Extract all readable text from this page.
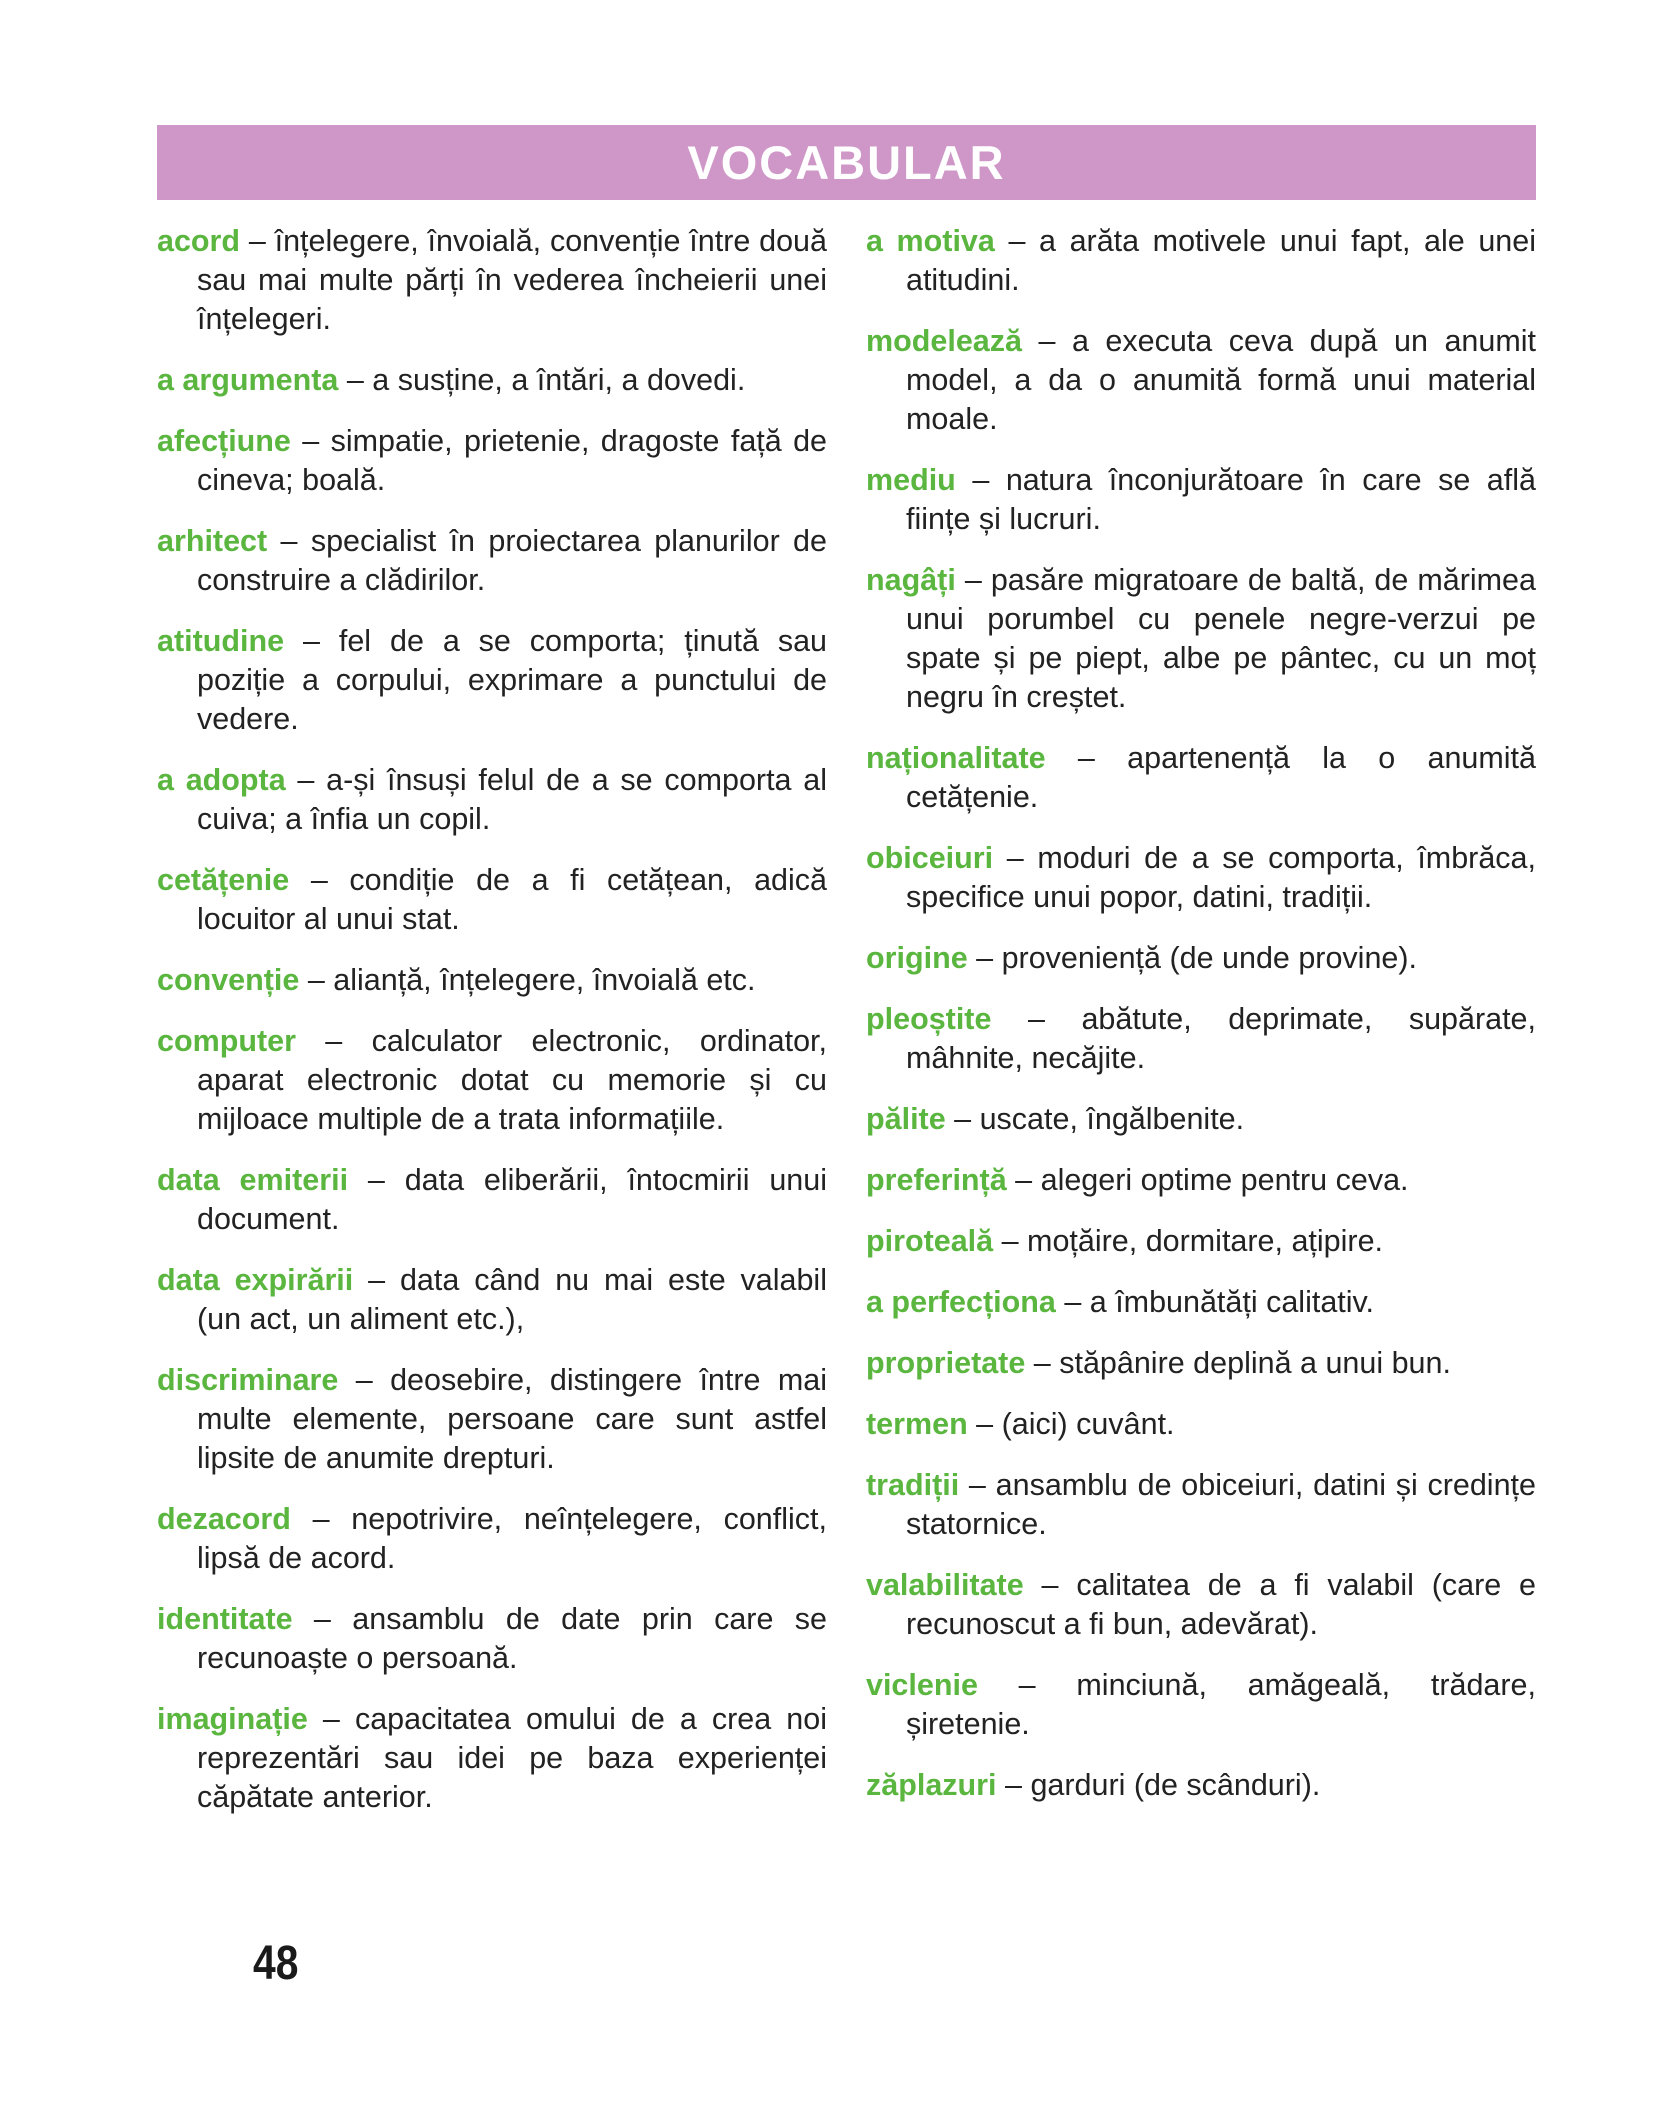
VOCABULAR

acord – înțelegere, învoială, convenție între două sau mai multe părți în vederea încheierii unei înțelegeri.

a argumenta – a susține, a întări, a dovedi.

afecțiune – simpatie, prietenie, dragoste față de cineva; boală.

arhitect – specialist în proiectarea planurilor de construire a clădirilor.

atitudine – fel de a se comporta; ținută sau poziție a corpului, exprimare a punctului de vedere.

a adopta – a-și însuși felul de a se comporta al cuiva; a înfia un copil.

cetățenie – condiție de a fi cetățean, adică locuitor al unui stat.

convenție – alianță, înțelegere, învoială etc.

computer – calculator electronic, ordinator, aparat electronic dotat cu memorie și cu mijloace multiple de a trata informațiile.

data emiterii – data eliberării, întocmirii unui document.

data expirării – data când nu mai este valabil (un act, un aliment etc.),

discriminare – deosebire, distingere între mai multe elemente, persoane care sunt astfel lipsite de anumite drepturi.

dezacord – nepotrivire, neînțelegere, conflict, lipsă de acord.

identitate – ansamblu de date prin care se recunoaște o persoană.

imaginație – capacitatea omului de a crea noi reprezentări sau idei pe baza experienței căpătate anterior.

a motiva – a arăta motivele unui fapt, ale unei atitudini.

modelează – a executa ceva după un anumit model, a da o anumită formă unui material moale.

mediu – natura înconjurătoare în care se află ființe și lucruri.

nagâți – pasăre migratoare de baltă, de mărimea unui porumbel cu penele negre-verzui pe spate și pe piept, albe pe pântec, cu un moț negru în creștet.

naționalitate – apartenență la o anumită cetățenie.

obiceiuri – moduri de a se comporta, îmbrăca, specifice unui popor, datini, tradiții.

origine – proveniență (de unde provine).

pleoștite – abătute, deprimate, supărate, mâhnite, necăjite.

pălite – uscate, îngălbenite.

preferință – alegeri optime pentru ceva.

piroteală – moțăire, dormitare, ațipire.

a perfecționa – a îmbunătăți calitativ.

proprietate – stăpânire deplină a unui bun.

termen – (aici) cuvânt.

tradiții – ansamblu de obiceiuri, datini și credințe statornice.

valabilitate – calitatea de a fi valabil (care e recunoscut a fi bun, adevărat).

viclenie – minciună, amăgeală, trădare, șiretenie.

zăplazuri – garduri (de scânduri).

48
